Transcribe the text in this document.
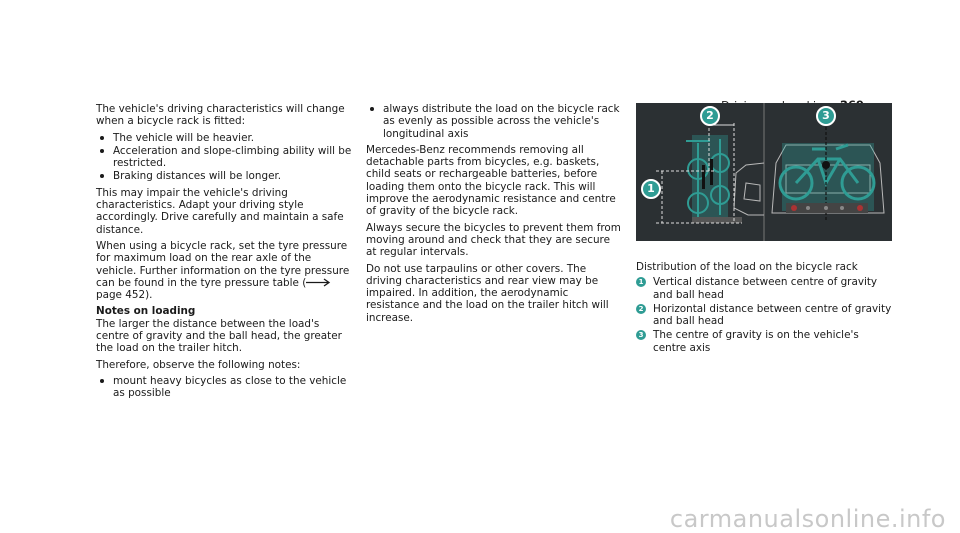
The vehicle's driving characteristics will change when a bicycle rack is fitted:

The vehicle will be heavier.
Acceleration and slope-climbing ability will be restricted.
Braking distances will be longer.

This may impair the vehicle's driving characteristics. Adapt your driving style accordingly. Drive carefully and maintain a safe distance.

When using a bicycle rack, set the tyre pressure for maximum load on the rear axle of the vehicle. Further information on the tyre pressure can be found in the tyre pressure table ( page 452).

Notes on loading

The larger the distance between the load's centre of gravity and the ball head, the greater the load on the trailer hitch.

Therefore, observe the following notes:

mount heavy bicycles as close to the vehicle as possible
always distribute the load on the bicycle rack as evenly as possible across the vehicle's longitudinal axis

Mercedes-Benz recommends removing all detachable parts from bicycles, e.g. baskets, child seats or rechargeable batteries, before loading them onto the bicycle rack. This will improve the aerodynamic resistance and centre of gravity of the bicycle rack.

Always secure the bicycles to prevent them from moving around and check that they are secure at regular intervals.

Do not use tarpaulins or other covers. The driving characteristics and rear view may be impaired. In addition, the aerodynamic resistance and the load on the trailer hitch will increase.

1
2	3

Distribution of the load on the bicycle rack

1 Vertical distance between centre of gravity and ball head
2 Horizontal distance between centre of gravity and ball head
3 The centre of gravity is on the vehicle's centre axis
carmanualsonline.info
